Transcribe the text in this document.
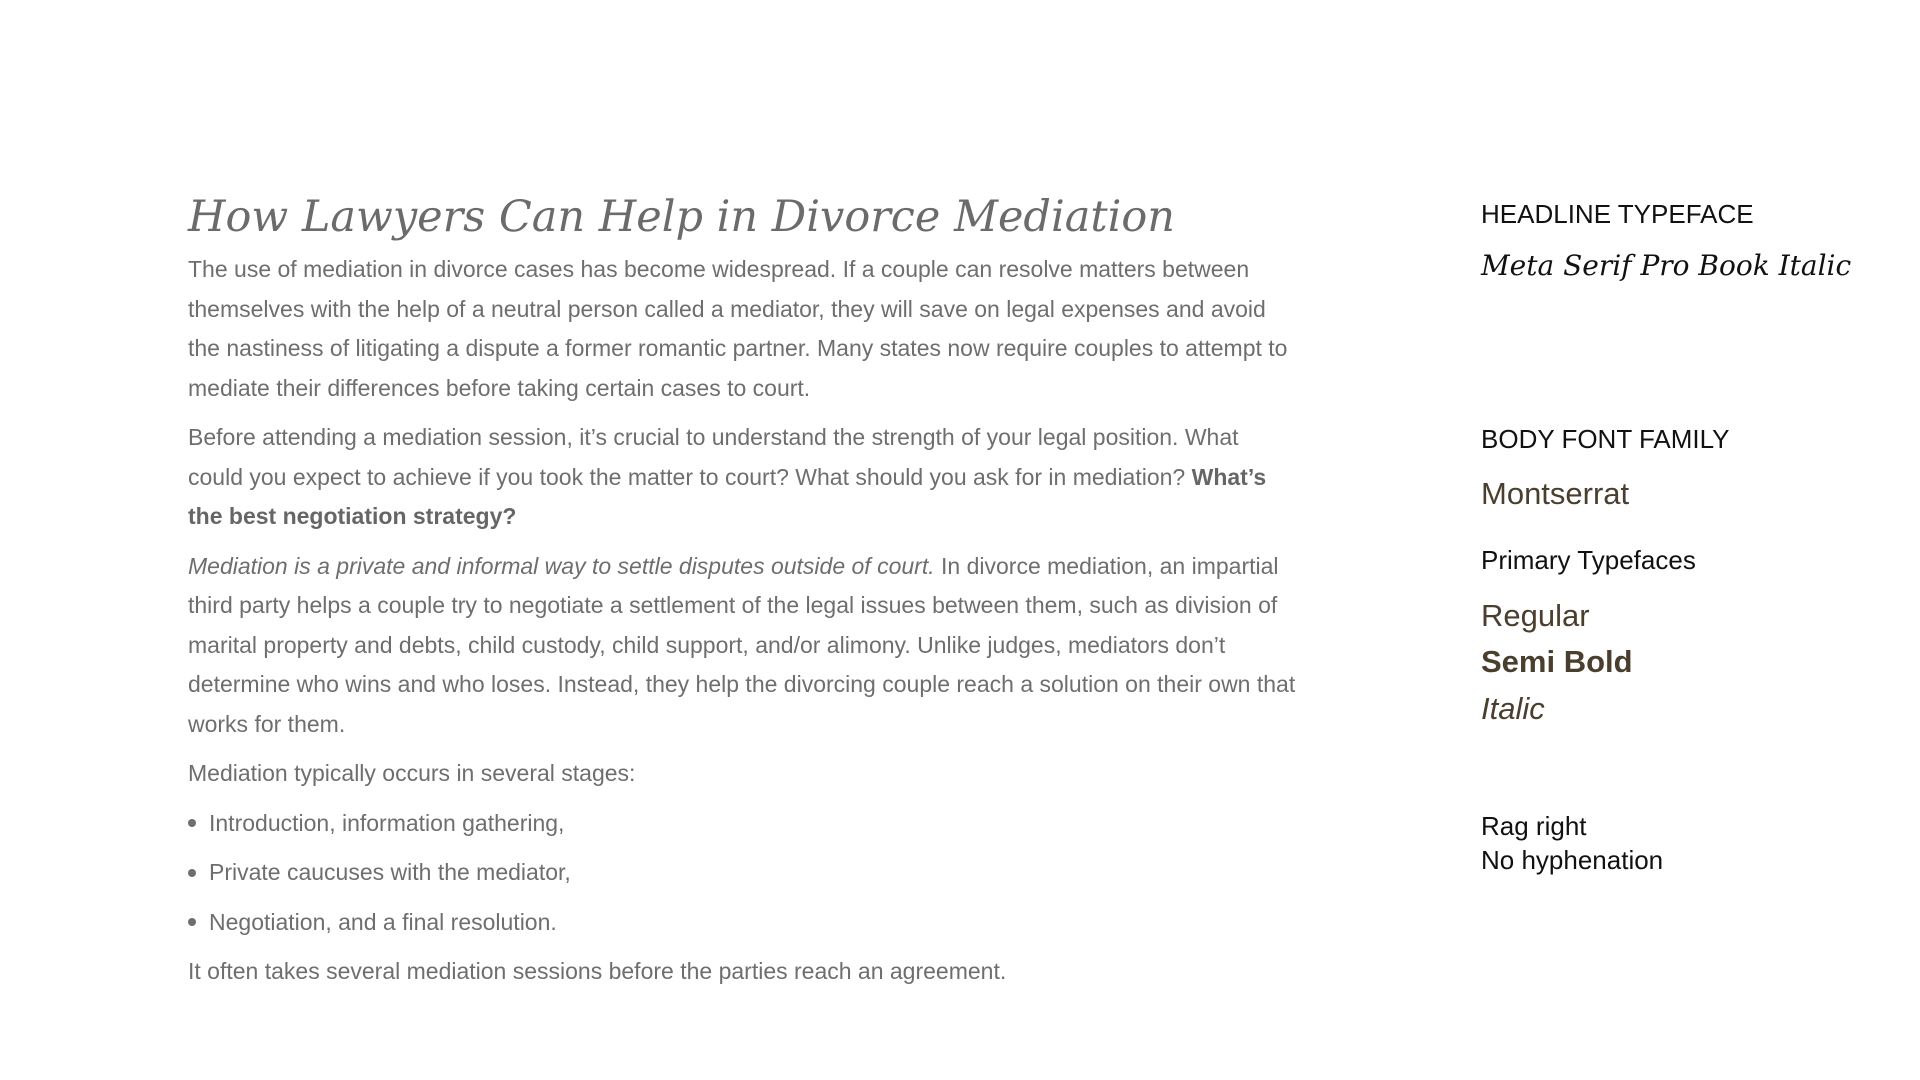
How Lawyers Can Help in Divorce Mediation

The use of mediation in divorce cases has become widespread. If a couple can resolve matters between themselves with the help of a neutral person called a mediator, they will save on legal expenses and avoid the nastiness of litigating a dispute a former romantic partner. Many states now require couples to attempt to mediate their differences before taking certain cases to court.

Before attending a mediation session, it’s crucial to understand the strength of your legal position. What could you expect to achieve if you took the matter to court? What should you ask for in mediation? What’s the best negotiation strategy?

Mediation is a private and informal way to settle disputes outside of court. In divorce mediation, an impartial third party helps a couple try to negotiate a settlement of the legal issues between them, such as division of marital property and debts, child custody, child support, and/or alimony. Unlike judges, mediators don’t determine who wins and who loses. Instead, they help the divorcing couple reach a solution on their own that works for them.

Mediation typically occurs in several stages:

Introduction, information gathering,
Private caucuses with the mediator,
Negotiation, and a final resolution.

It often takes several mediation sessions before the parties reach an agreement.

HEADLINE TYPEFACE
Meta Serif Pro Book Italic
BODY FONT FAMILY
Montserrat
Primary Typefaces
Regular
Semi Bold
Italic
Rag right
No hyphenation
